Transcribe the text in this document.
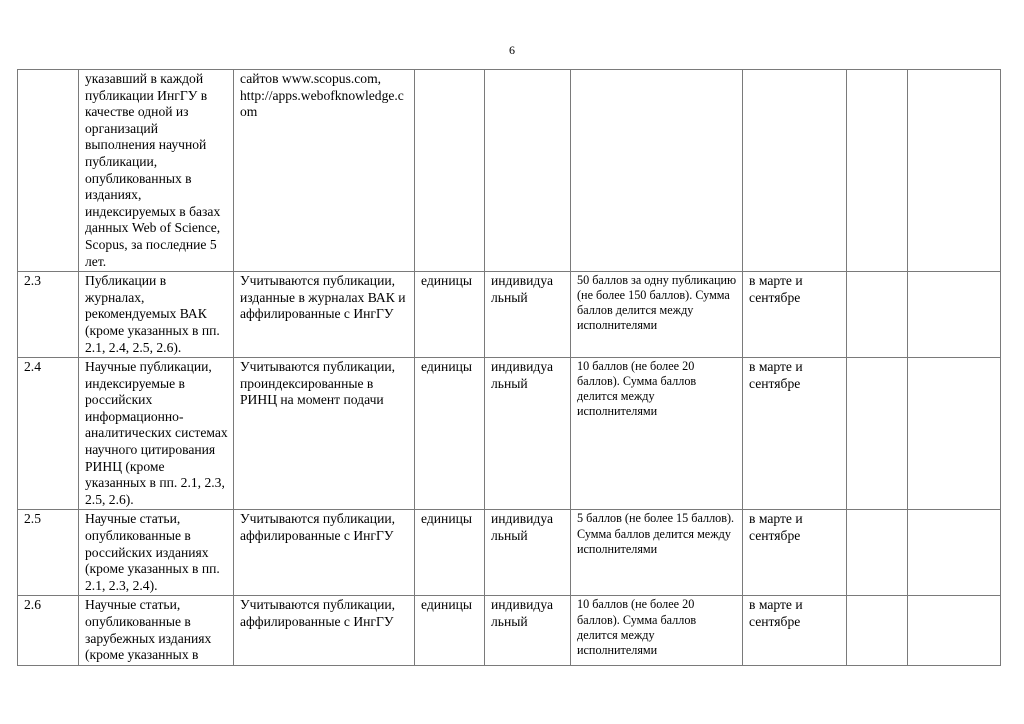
6
	указавший в каждой публикации ИнгГУ в качестве одной из организаций выполнения научной публикации, опубликованных в изданиях, индексируемых в базах данных Web of Science, Scopus, за последние 5 лет.	сайтов www.scopus.com, http://apps.webofknowledge.com						
2.3	Публикации в журналах, рекомендуемых ВАК (кроме указанных в пп. 2.1, 2.4, 2.5, 2.6).	Учитываются публикации, изданные в журналах ВАК и аффилированные с ИнгГУ	единицы	индивидуа льный	50 баллов за одну публикацию (не более 150 баллов). Сумма баллов делится между исполнителями	в марте и сентябре		
2.4	Научные публикации, индексируемые в российских информационно-аналитических системах научного цитирования РИНЦ (кроме указанных в пп. 2.1, 2.3, 2.5, 2.6).	Учитываются публикации, проиндексированные в РИНЦ на момент подачи	единицы	индивидуа льный	10 баллов (не более 20 баллов). Сумма баллов делится между исполнителями	в марте и сентябре		
2.5	Научные статьи, опубликованные в российских изданиях (кроме указанных в пп. 2.1, 2.3, 2.4).	Учитываются публикации, аффилированные с ИнгГУ	единицы	индивидуа льный	5 баллов (не более 15 баллов). Сумма баллов делится между исполнителями	в марте и сентябре		
2.6	Научные статьи, опубликованные в зарубежных изданиях (кроме указанных в	Учитываются публикации, аффилированные с ИнгГУ	единицы	индивидуа льный	10 баллов (не более 20 баллов). Сумма баллов делится между исполнителями	в марте и сентябре		
